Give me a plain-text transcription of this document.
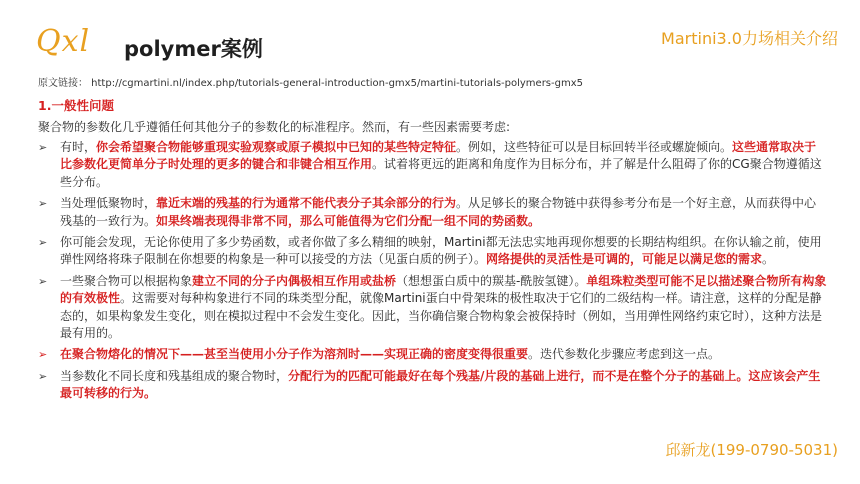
Qxl polymer案例	Martini3.0力场相关介绍
原文链接： http://cgmartini.nl/index.php/tutorials-general-introduction-gmx5/martini-tutorials-polymers-gmx5
1.一般性问题
聚合物的参数化几乎遵循任何其他分子的参数化的标准程序。然而，有一些因素需要考虑:
➢ 有时，你会希望聚合物能够重现实验观察或原子模拟中已知的某些特定特征。例如，这些特征可以是目标回转半径或螺旋倾向。这些通常取决于比参数化更简单分子时处理的更多的键合和非键合相互作用。试着将更远的距离和角度作为目标分布，并了解是什么阻碍了你的CG聚合物遵循这些分布。
➢ 当处理低聚物时，靠近末端的残基的行为通常不能代表分子其余部分的行为。从足够长的聚合物链中获得参考分布是一个好主意，从而获得中心残基的一致行为。如果终端表现得非常不同，那么可能值得为它们分配一组不同的势函数。
➢ 你可能会发现，无论你使用了多少势函数，或者你做了多么精细的映射，Martini都无法忠实地再现你想要的长期结构组织。在你认输之前，使用弹性网络将珠子限制在你想要的构象是一种可以接受的方法（见蛋白质的例子）。网络提供的灵活性是可调的，可能足以满足您的需求。
➢ 一些聚合物可以根据构象建立不同的分子内偶极相互作用或盐桥（想想蛋白质中的羰基-酰胺氢键）。单组珠粒类型可能不足以描述聚合物所有构象的有效极性。这需要对每种构象进行不同的珠类型分配，就像Martini蛋白中骨架珠的极性取决于它们的二级结构一样。请注意，这样的分配是静态的，如果构象发生变化，则在模拟过程中不会发生变化。因此，当你确信聚合物构象会被保持时（例如，当用弹性网络约束它时），这种方法是最有用的。
➢ 在聚合物熔化的情况下——甚至当使用小分子作为溶剂时——实现正确的密度变得很重要。迭代参数化步骤应考虑到这一点。
➢ 当参数化不同长度和残基组成的聚合物时，分配行为的匹配可能最好在每个残基/片段的基础上进行，而不是在整个分子的基础上。这应该会产生最可转移的行为。
邱新龙(199-0790-5031)
